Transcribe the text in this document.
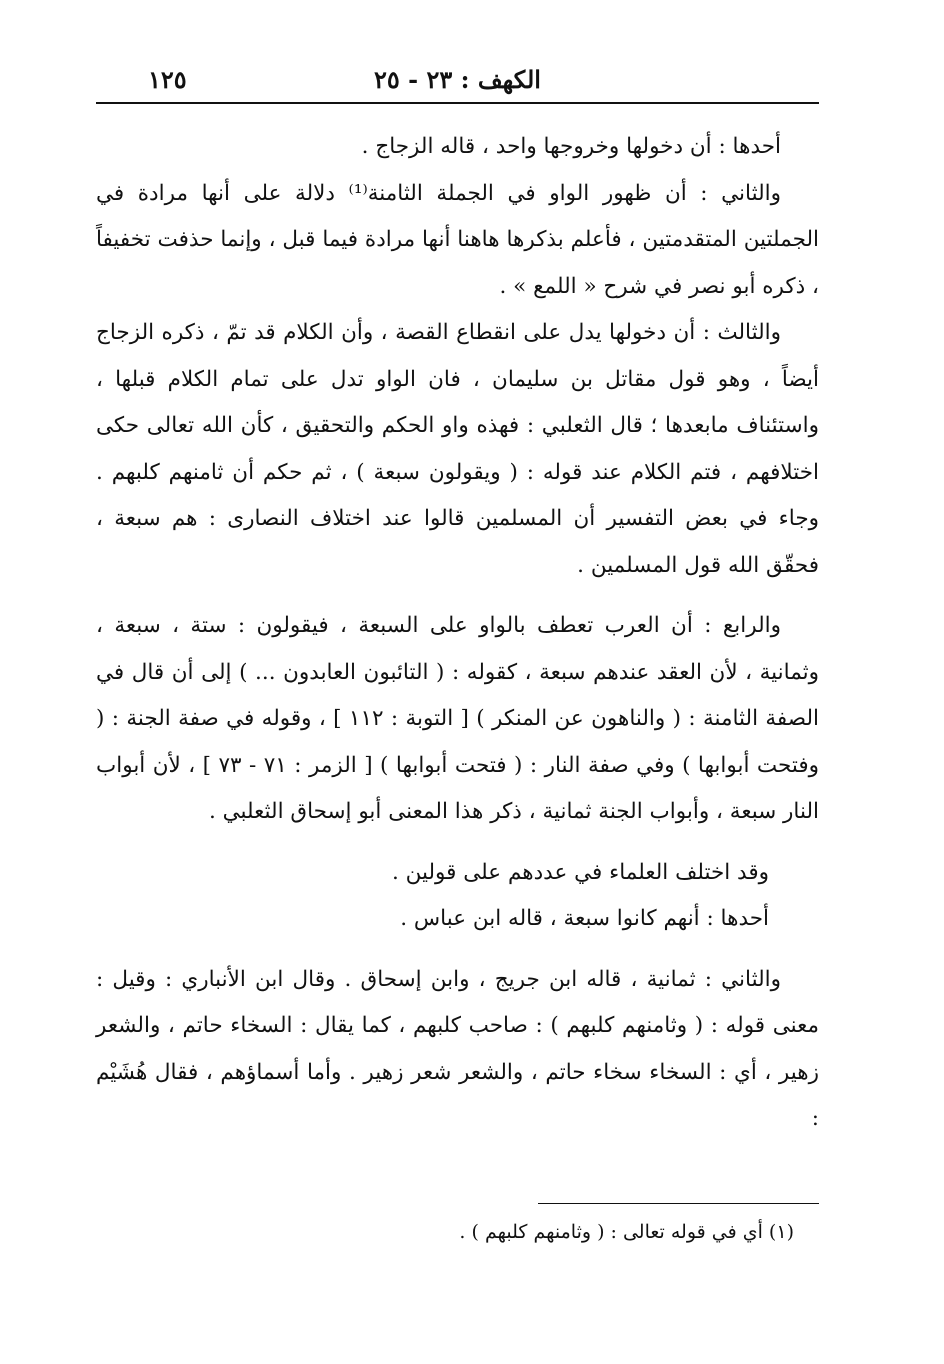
الكهف : ٢٣ - ٢٥
١٢٥

أحدها : أن دخولها وخروجها واحد ، قاله الزجاج .

والثاني : أن ظهور الواو في الجملة الثامنة⁽¹⁾ دلالة على أنها مرادة في الجملتين المتقدمتين ، فأعلم بذكرها هاهنا أنها مرادة فيما قبل ، وإنما حذفت تخفيفاً ، ذكره أبو نصر في شرح « اللمع » .

والثالث : أن دخولها يدل على انقطاع القصة ، وأن الكلام قد تمّ ، ذكره الزجاج أيضاً ، وهو قول مقاتل بن سليمان ، فان الواو تدل على تمام الكلام قبلها ، واستئناف مابعدها ؛ قال الثعلبي : فهذه واو الحكم والتحقيق ، كأن الله تعالى حكى اختلافهم ، فتم الكلام عند قوله : ( ويقولون سبعة ) ، ثم حكم أن ثامنهم كلبهم . وجاء في بعض التفسير أن المسلمين قالوا عند اختلاف النصارى : هم سبعة ، فحقّق الله قول المسلمين .

والرابع : أن العرب تعطف بالواو على السبعة ، فيقولون : ستة ، سبعة ، وثمانية ، لأن العقد عندهم سبعة ، كقوله : ( التائبون العابدون ... ) إلى أن قال في الصفة الثامنة : ( والناهون عن المنكر ) [ التوبة : ١١٢ ] ، وقوله في صفة الجنة : ( وفتحت أبوابها ) وفي صفة النار : ( فتحت أبوابها ) [ الزمر : ٧١ - ٧٣ ] ، لأن أبواب النار سبعة ، وأبواب الجنة ثمانية ، ذكر هذا المعنى أبو إسحاق الثعلبي .

وقد اختلف العلماء في عددهم على قولين .

أحدها : أنهم كانوا سبعة ، قاله ابن عباس .

والثاني : ثمانية ، قاله ابن جريج ، وابن إسحاق . وقال ابن الأنباري : وقيل : معنى قوله : ( وثامنهم كلبهم ) : صاحب كلبهم ، كما يقال : السخاء حاتم ، والشعر زهير ، أي : السخاء سخاء حاتم ، والشعر شعر زهير . وأما أسماؤهم ، فقال هُشَيْم :

(١) أي في قوله تعالى : ( وثامنهم كلبهم ) .
